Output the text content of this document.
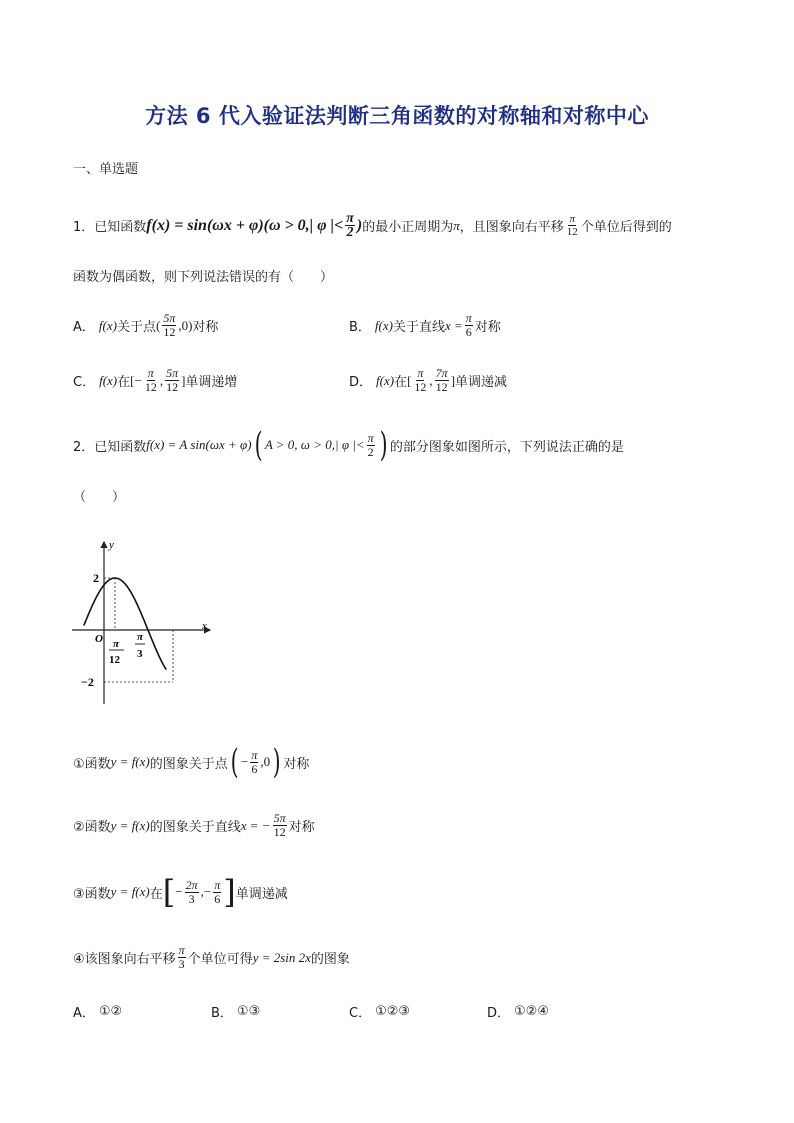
方法 6 代入验证法判断三角函数的对称轴和对称中心
一、单选题
1．已知函数 f(x) = sin(ωx + φ)(ω > 0,| φ |< $\frac{\pi}{2}$ ) 的最小正周期为 π ，且图象向右平移 $\frac{\pi}{12}$ 个单位后得到的
函数为偶函数，则下列说法错误的有（　　）
A． f(x) 关于点 ( $\frac{5\pi}{12} ,0$) 对称	B． f(x) 关于直线 $x = \frac{\pi}{6}$ 对称
C． f(x) 在 [− $\frac{\pi}{12}$ , $\frac{5\pi}{12}$ ] 单调递增	D． f(x) 在 [ $\frac{\pi}{12}$ , $\frac{7\pi}{12}$ ] 单调递减
2．已知函数 f(x) = A sin(ωx + φ) ( A > 0, ω > 0,| φ |< $\frac{\pi}{2}$ ) 的部分图象如图所示，下列说法正确的是
（　　）
y
x
2
−2
O π
12
π
3
①函数 y = f(x) 的图象关于点 ( − $\frac{\pi}{6} ,0$ ) 对称
②函数 y = f(x) 的图象关于直线 x = − $\frac{5\pi}{12}$ 对称
③函数 y = f(x) 在 [ − $\frac{2\pi}{3}$ ,− $\frac{\pi}{6}$ ] 单调递减
④该图象向右平移 $\frac{\pi}{3}$ 个单位可得 y = 2sin 2x 的图象
A． ①②	B． ①③	C． ①②③	D． ①②④
